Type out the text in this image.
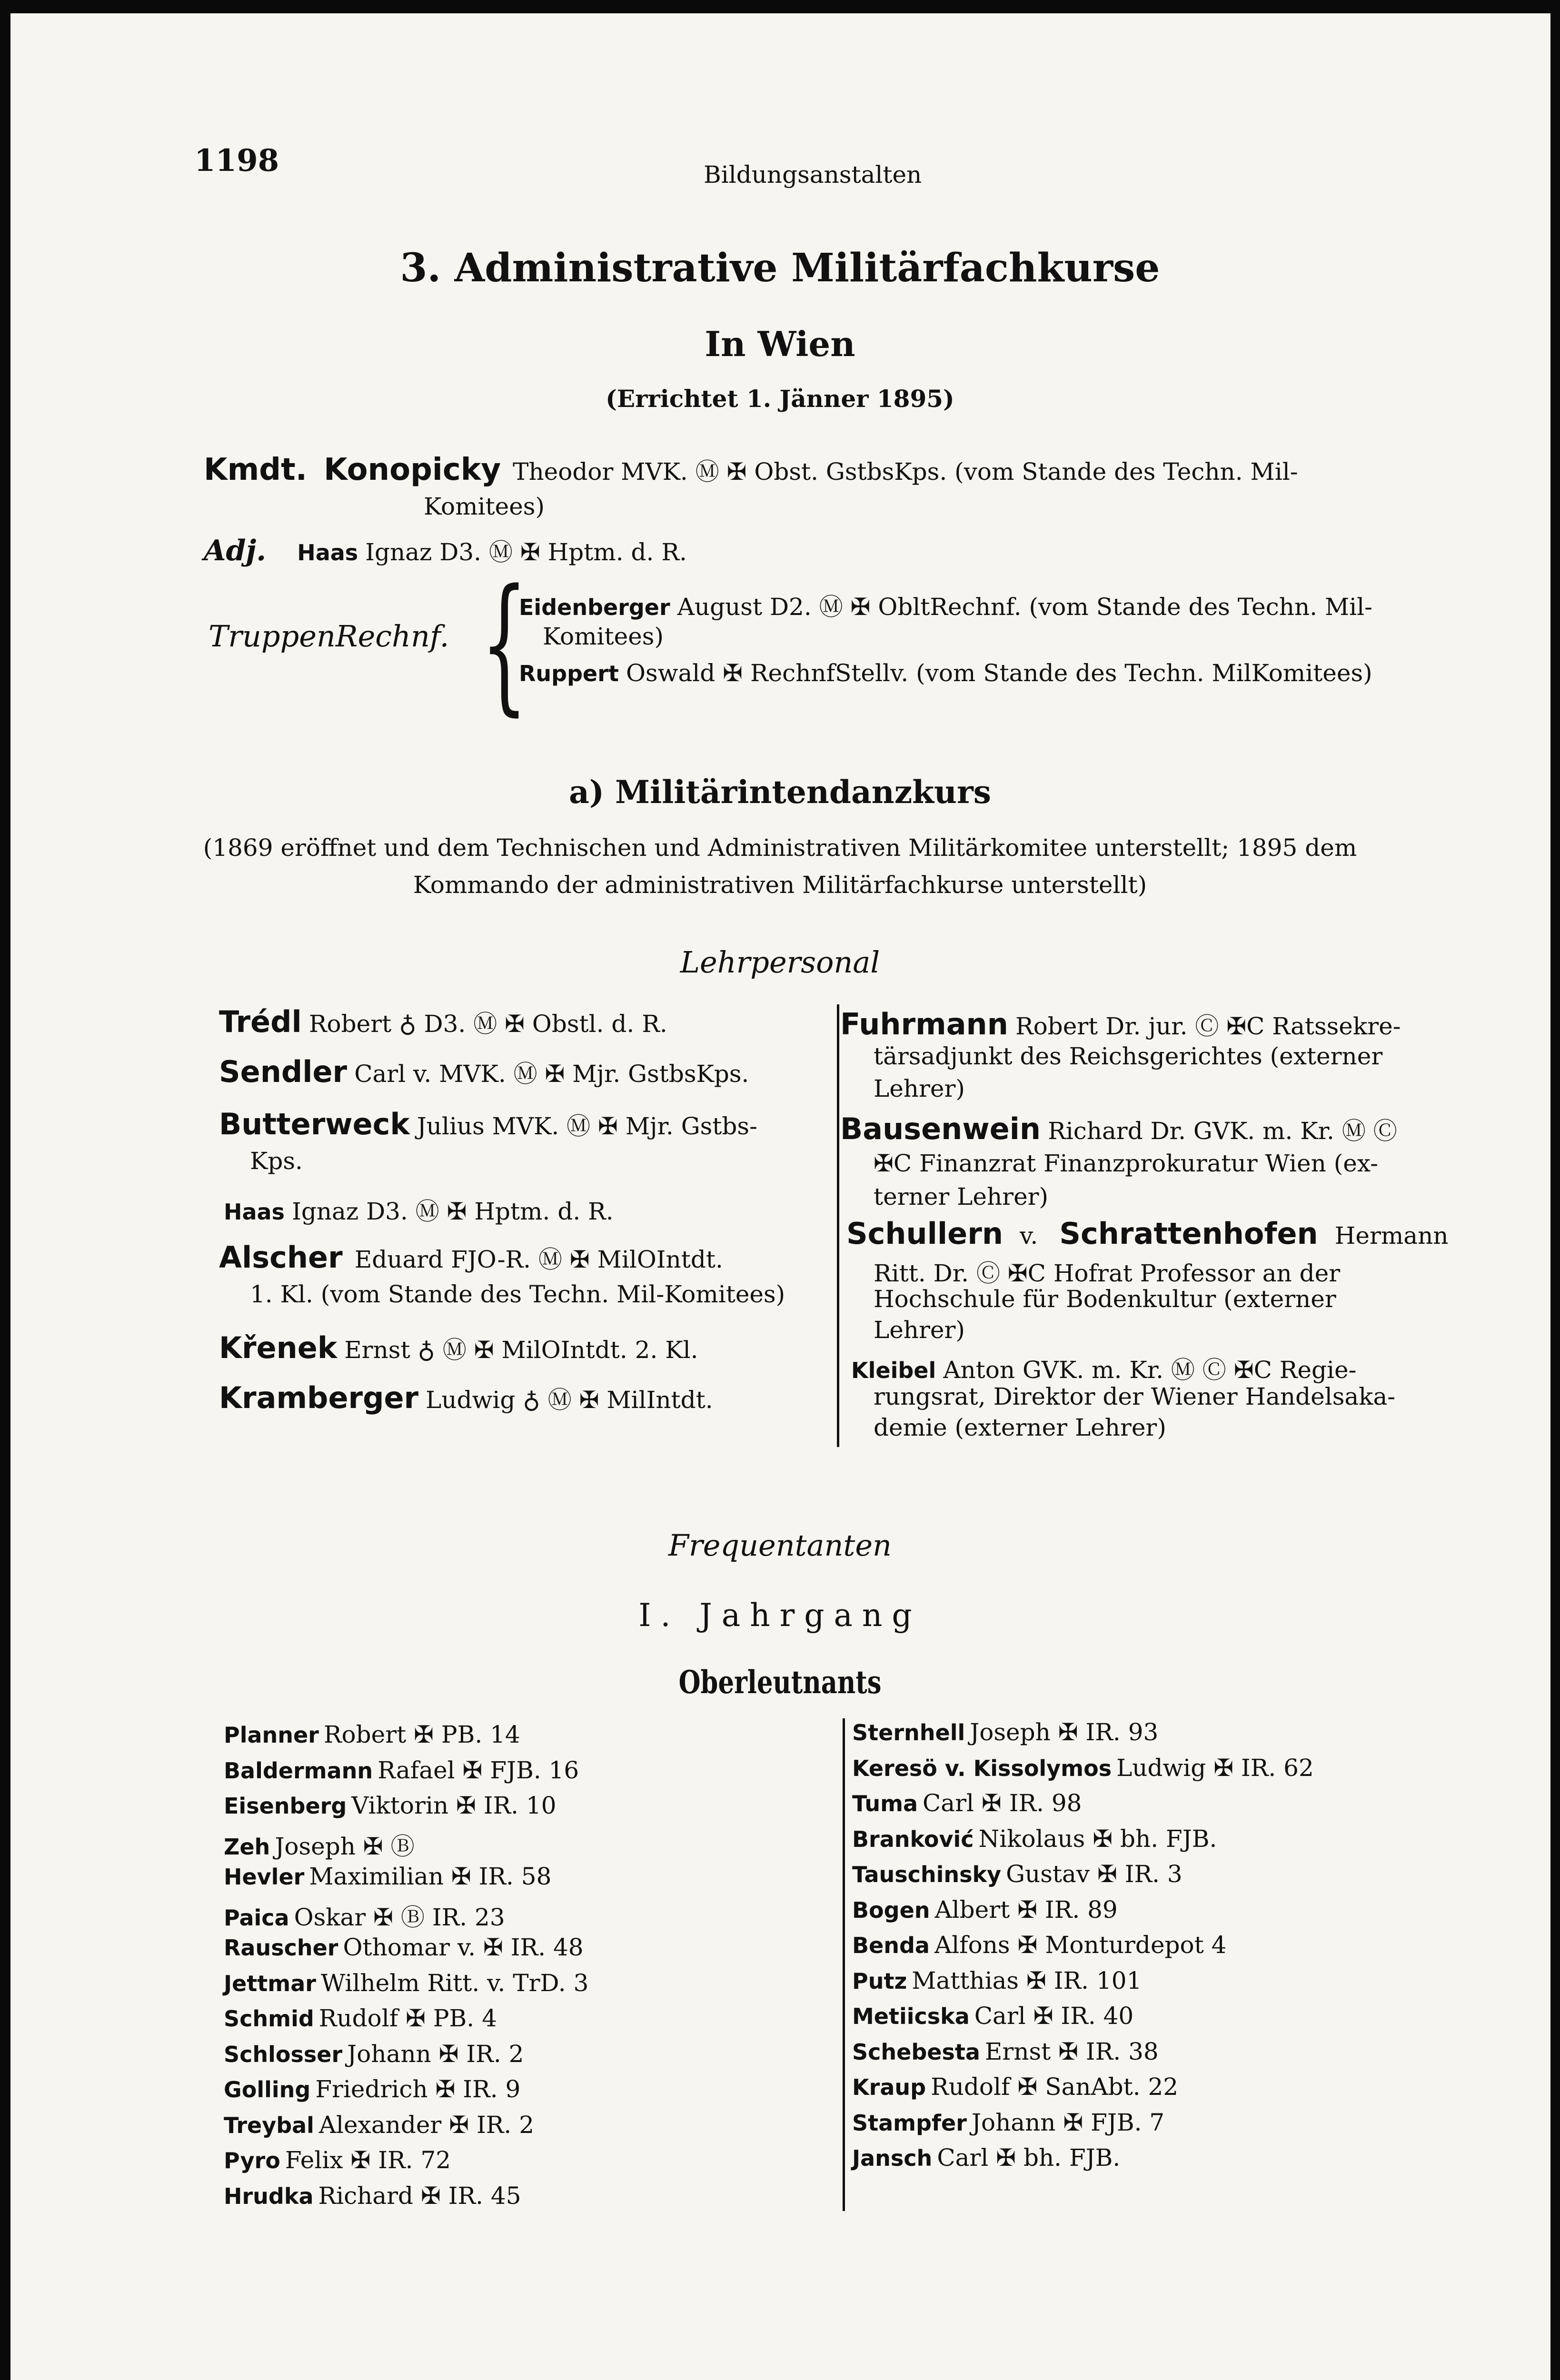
1198	Bildungsanstalten
3. Administrative Militärfachkurse
In Wien
(Errichtet 1. Jänner 1895)
Kmdt. Konopicky Theodor MVK. Ⓜ ✠ Obst. GstbsKps. (vom Stande des Techn. Mil-
Komitees)
Adj. Haas Ignaz D3. Ⓜ ✠ Hptm. d. R.
TruppenRechnf. {
Eidenberger August D2. Ⓜ ✠ ObltRechnf. (vom Stande des Techn. Mil-
Komitees)
Ruppert Oswald ✠ RechnfStellv. (vom Stande des Techn. MilKomitees)
a) Militärintendanzkurs
(1869 eröffnet und dem Technischen und Administrativen Militärkomitee unterstellt; 1895 dem
Kommando der administrativen Militärfachkurse unterstellt)
Lehrpersonal
Trédl Robert ♁ D3. Ⓜ ✠ Obstl. d. R.
Sendler Carl v. MVK. Ⓜ ✠ Mjr. GstbsKps.
Butterweck Julius MVK. Ⓜ ✠ Mjr. Gstbs-
Kps.
Haas Ignaz D3. Ⓜ ✠ Hptm. d. R.
Alscher Eduard FJO-R. Ⓜ ✠ MilOIntdt.
1. Kl. (vom Stande des Techn. Mil-Komitees)
Křenek Ernst ♁ Ⓜ ✠ MilOIntdt. 2. Kl.
Kramberger Ludwig ♁ Ⓜ ✠ MilIntdt.
Fuhrmann Robert Dr. jur. Ⓒ ✠C Ratssekre-
tärsadjunkt des Reichsgerichtes (externer
Lehrer)
Bausenwein Richard Dr. GVK. m. Kr. Ⓜ Ⓒ
✠C Finanzrat Finanzprokuratur Wien (ex-
terner Lehrer)
Schullern v. Schrattenhofen Hermann
Ritt. Dr. Ⓒ ✠C Hofrat Professor an der
Hochschule für Bodenkultur (externer
Lehrer)
Kleibel Anton GVK. m. Kr. Ⓜ Ⓒ ✠C Regie-
rungsrat, Direktor der Wiener Handelsaka-
demie (externer Lehrer)
Frequentanten
I. Jahrgang
Oberleutnants
Planner Robert ✠ PB. 14
Baldermann Rafael ✠ FJB. 16
Eisenberg Viktorin ✠ IR. 10
Zeh Joseph ✠ Ⓑ
Hevler Maximilian ✠ IR. 58
Paica Oskar ✠ Ⓑ IR. 23
Rauscher Othomar v. ✠ IR. 48
Jettmar Wilhelm Ritt. v. TrD. 3
Schmid Rudolf ✠ PB. 4
Schlosser Johann ✠ IR. 2
Golling Friedrich ✠ IR. 9
Treybal Alexander ✠ IR. 2
Pyro Felix ✠ IR. 72
Hrudka Richard ✠ IR. 45
Sternhell Joseph ✠ IR. 93
Keresö v. Kissolymos Ludwig ✠ IR. 62
Tuma Carl ✠ IR. 98
Branković Nikolaus ✠ bh. FJB.
Tauschinsky Gustav ✠ IR. 3
Bogen Albert ✠ IR. 89
Benda Alfons ✠ Monturdepot 4
Putz Matthias ✠ IR. 101
Metiicska Carl ✠ IR. 40
Schebesta Ernst ✠ IR. 38
Kraup Rudolf ✠ SanAbt. 22
Stampfer Johann ✠ FJB. 7
Jansch Carl ✠ bh. FJB.
